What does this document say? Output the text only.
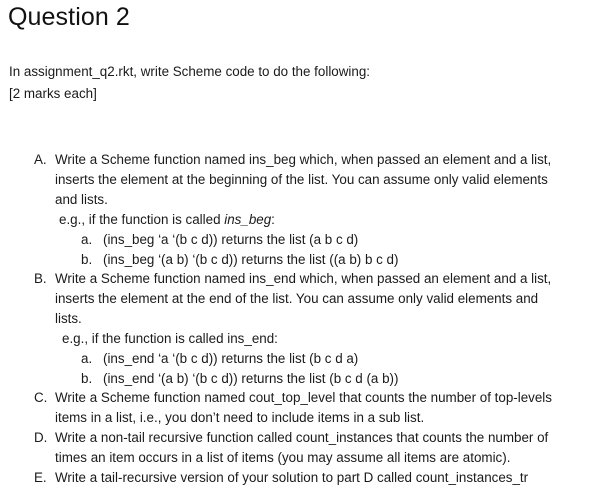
Question 2
In assignment_q2.rkt, write Scheme code to do the following:
[2 marks each]
A. Write a Scheme function named ins_beg which, when passed an element and a list,
inserts the element at the beginning of the list. You can assume only valid elements
and lists.
e.g., if the function is called ins_beg:
a. (ins_beg ‘a ‘(b c d)) returns the list (a b c d)
b. (ins_beg ‘(a b) ‘(b c d)) returns the list ((a b) b c d)
B. Write a Scheme function named ins_end which, when passed an element and a list,
inserts the element at the end of the list. You can assume only valid elements and
lists.
e.g., if the function is called ins_end:
a. (ins_end ‘a ‘(b c d)) returns the list (b c d a)
b. (ins_end ‘(a b) ‘(b c d)) returns the list (b c d (a b))
C. Write a Scheme function named cout_top_level that counts the number of top-levels
items in a list, i.e., you don’t need to include items in a sub list.
D. Write a non-tail recursive function called count_instances that counts the number of
times an item occurs in a list of items (you may assume all items are atomic).
E. Write a tail-recursive version of your solution to part D called count_instances_tr
